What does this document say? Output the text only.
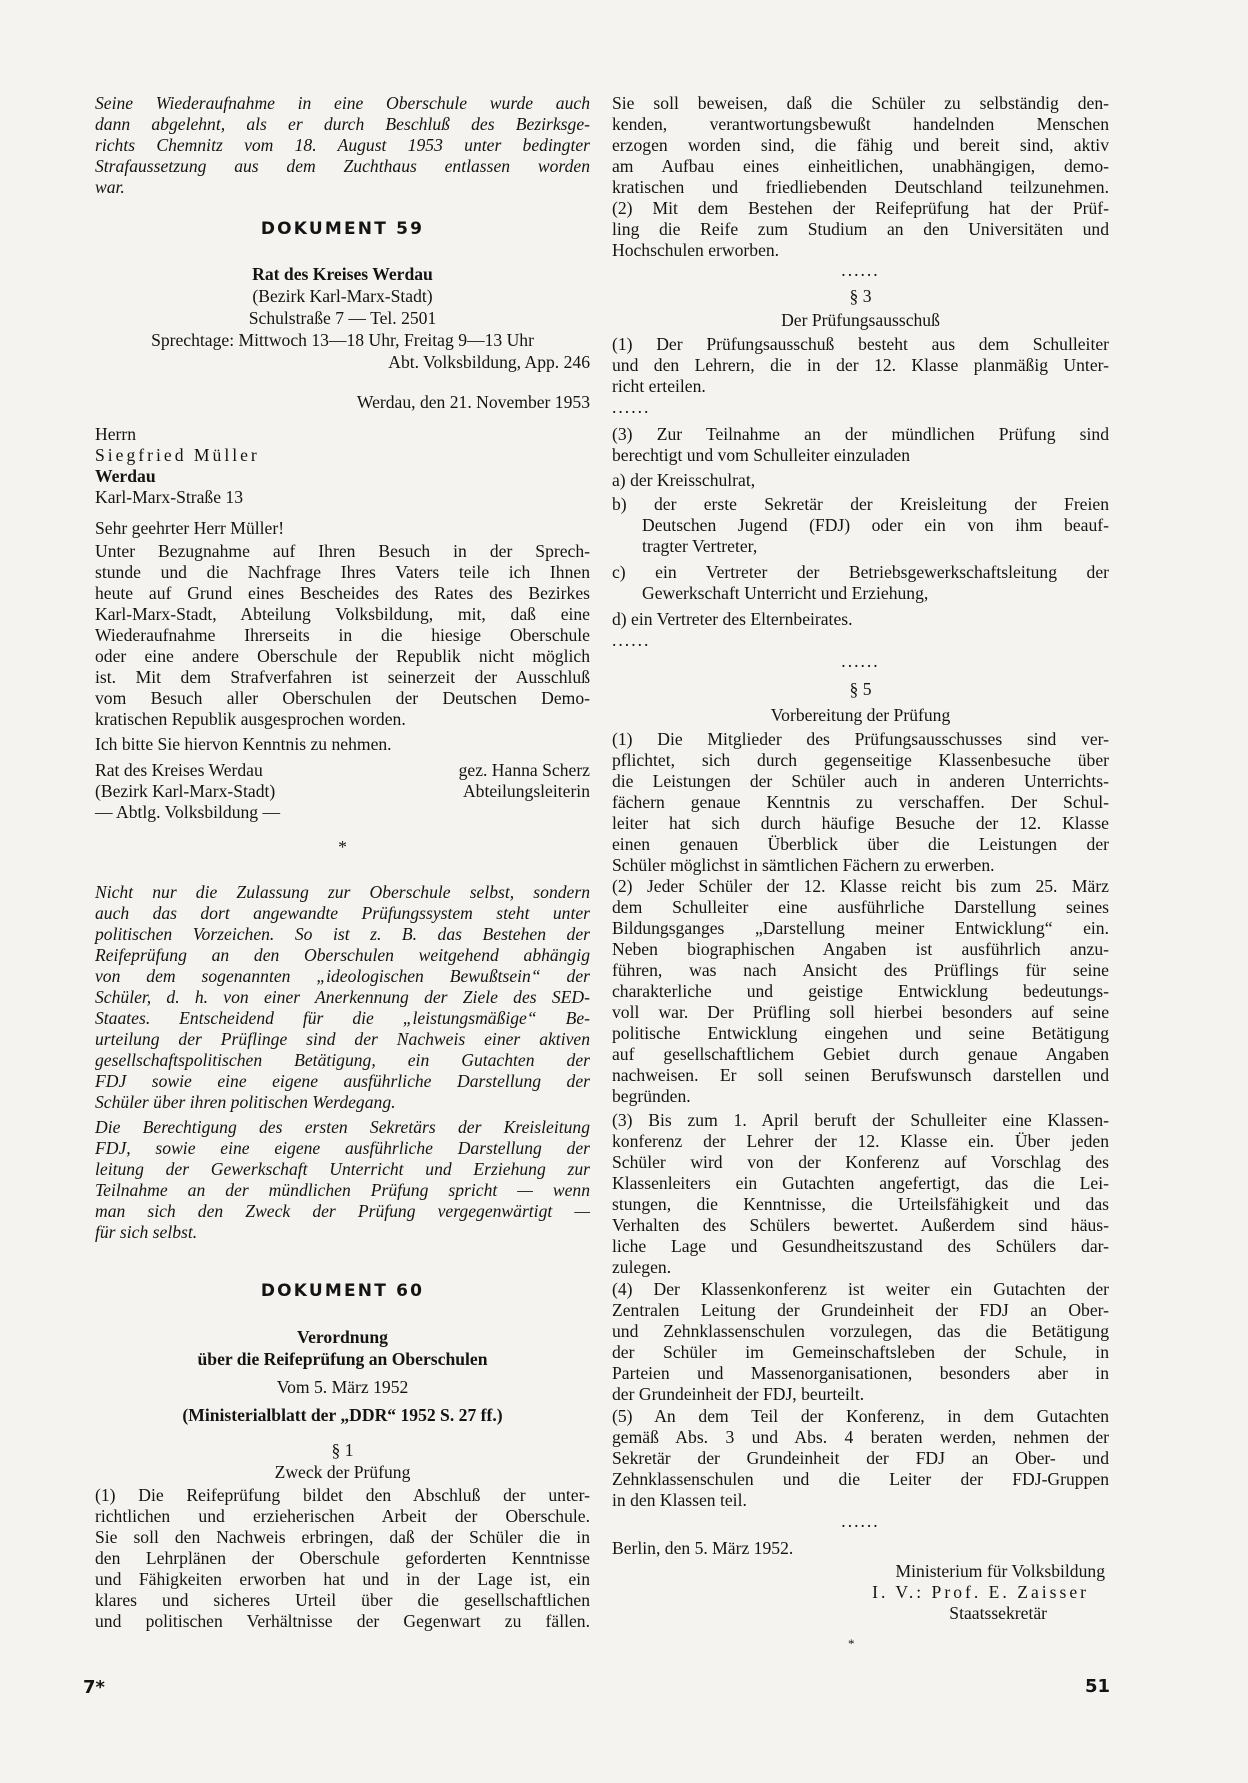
Seine Wiederaufnahme in eine Oberschule wurde auch
dann abgelehnt, als er durch Beschluß des Bezirksge-
richts Chemnitz vom 18. August 1953 unter bedingter
Strafaussetzung aus dem Zuchthaus entlassen worden
war.
DOKUMENT 59
Rat des Kreises Werdau
(Bezirk Karl-Marx-Stadt)
Schulstraße 7 — Tel. 2501
Sprechtage: Mittwoch 13—18 Uhr, Freitag 9—13 Uhr
Abt. Volksbildung, App. 246
Werdau, den 21. November 1953
Herrn
Siegfried Müller
Werdau
Karl-Marx-Straße 13
Sehr geehrter Herr Müller!
Unter Bezugnahme auf Ihren Besuch in der Sprech-
stunde und die Nachfrage Ihres Vaters teile ich Ihnen
heute auf Grund eines Bescheides des Rates des Bezirkes
Karl-Marx-Stadt, Abteilung Volksbildung, mit, daß eine
Wiederaufnahme Ihrerseits in die hiesige Oberschule
oder eine andere Oberschule der Republik nicht möglich
ist. Mit dem Strafverfahren ist seinerzeit der Ausschluß
vom Besuch aller Oberschulen der Deutschen Demo-
kratischen Republik ausgesprochen worden.
Ich bitte Sie hiervon Kenntnis zu nehmen.
Rat des Kreises Werdau
(Bezirk Karl-Marx-Stadt)
— Abtlg. Volksbildung —
gez. Hanna Scherz
Abteilungsleiterin
*
Nicht nur die Zulassung zur Oberschule selbst, sondern
auch das dort angewandte Prüfungssystem steht unter
politischen Vorzeichen. So ist z. B. das Bestehen der
Reifeprüfung an den Oberschulen weitgehend abhängig
von dem sogenannten „ideologischen Bewußtsein“ der
Schüler, d. h. von einer Anerkennung der Ziele des SED-
Staates. Entscheidend für die „leistungsmäßige“ Be-
urteilung der Prüflinge sind der Nachweis einer aktiven
gesellschaftspolitischen Betätigung, ein Gutachten der
FDJ sowie eine eigene ausführliche Darstellung der
Schüler über ihren politischen Werdegang.
Die Berechtigung des ersten Sekretärs der Kreisleitung
FDJ, sowie eine eigene ausführliche Darstellung der
leitung der Gewerkschaft Unterricht und Erziehung zur
Teilnahme an der mündlichen Prüfung spricht — wenn
man sich den Zweck der Prüfung vergegenwärtigt —
für sich selbst.
DOKUMENT 60
Verordnung
über die Reifeprüfung an Oberschulen
Vom 5. März 1952
(Ministerialblatt der „DDR“ 1952 S. 27 ff.)
§ 1
Zweck der Prüfung
(1) Die Reifeprüfung bildet den Abschluß der unter-
richtlichen und erzieherischen Arbeit der Oberschule.
Sie soll den Nachweis erbringen, daß der Schüler die in
den Lehrplänen der Oberschule geforderten Kenntnisse
und Fähigkeiten erworben hat und in der Lage ist, ein
klares und sicheres Urteil über die gesellschaftlichen
und politischen Verhältnisse der Gegenwart zu fällen.
7*
Sie soll beweisen, daß die Schüler zu selbständig den-
kenden, verantwortungsbewußt handelnden Menschen
erzogen worden sind, die fähig und bereit sind, aktiv
am Aufbau eines einheitlichen, unabhängigen, demo-
kratischen und friedliebenden Deutschland teilzunehmen.
(2) Mit dem Bestehen der Reifeprüfung hat der Prüf-
ling die Reife zum Studium an den Universitäten und
Hochschulen erworben.
......
§ 3
Der Prüfungsausschuß
(1) Der Prüfungsausschuß besteht aus dem Schulleiter
und den Lehrern, die in der 12. Klasse planmäßig Unter-
richt erteilen.
......
(3) Zur Teilnahme an der mündlichen Prüfung sind
berechtigt und vom Schulleiter einzuladen
a) der Kreisschulrat,
b) der erste Sekretär der Kreisleitung der Freien
Deutschen Jugend (FDJ) oder ein von ihm beauf-
tragter Vertreter,
c) ein Vertreter der Betriebsgewerkschaftsleitung der
Gewerkschaft Unterricht und Erziehung,
d) ein Vertreter des Elternbeirates.
......
......
§ 5
Vorbereitung der Prüfung
(1) Die Mitglieder des Prüfungsausschusses sind ver-
pflichtet, sich durch gegenseitige Klassenbesuche über
die Leistungen der Schüler auch in anderen Unterrichts-
fächern genaue Kenntnis zu verschaffen. Der Schul-
leiter hat sich durch häufige Besuche der 12. Klasse
einen genauen Überblick über die Leistungen der
Schüler möglichst in sämtlichen Fächern zu erwerben.
(2) Jeder Schüler der 12. Klasse reicht bis zum 25. März
dem Schulleiter eine ausführliche Darstellung seines
Bildungsganges „Darstellung meiner Entwicklung“ ein.
Neben biographischen Angaben ist ausführlich anzu-
führen, was nach Ansicht des Prüflings für seine
charakterliche und geistige Entwicklung bedeutungs-
voll war. Der Prüfling soll hierbei besonders auf seine
politische Entwicklung eingehen und seine Betätigung
auf gesellschaftlichem Gebiet durch genaue Angaben
nachweisen. Er soll seinen Berufswunsch darstellen und
begründen.
(3) Bis zum 1. April beruft der Schulleiter eine Klassen-
konferenz der Lehrer der 12. Klasse ein. Über jeden
Schüler wird von der Konferenz auf Vorschlag des
Klassenleiters ein Gutachten angefertigt, das die Lei-
stungen, die Kenntnisse, die Urteilsfähigkeit und das
Verhalten des Schülers bewertet. Außerdem sind häus-
liche Lage und Gesundheitszustand des Schülers dar-
zulegen.
(4) Der Klassenkonferenz ist weiter ein Gutachten der
Zentralen Leitung der Grundeinheit der FDJ an Ober-
und Zehnklassenschulen vorzulegen, das die Betätigung
der Schüler im Gemeinschaftsleben der Schule, in
Parteien und Massenorganisationen, besonders aber in
der Grundeinheit der FDJ, beurteilt.
(5) An dem Teil der Konferenz, in dem Gutachten
gemäß Abs. 3 und Abs. 4 beraten werden, nehmen der
Sekretär der Grundeinheit der FDJ an Ober- und
Zehnklassenschulen und die Leiter der FDJ-Gruppen
in den Klassen teil.
......
Berlin, den 5. März 1952.
Ministerium für Volksbildung
I. V.: Prof. E. Zaisser
Staatssekretär
*
51
